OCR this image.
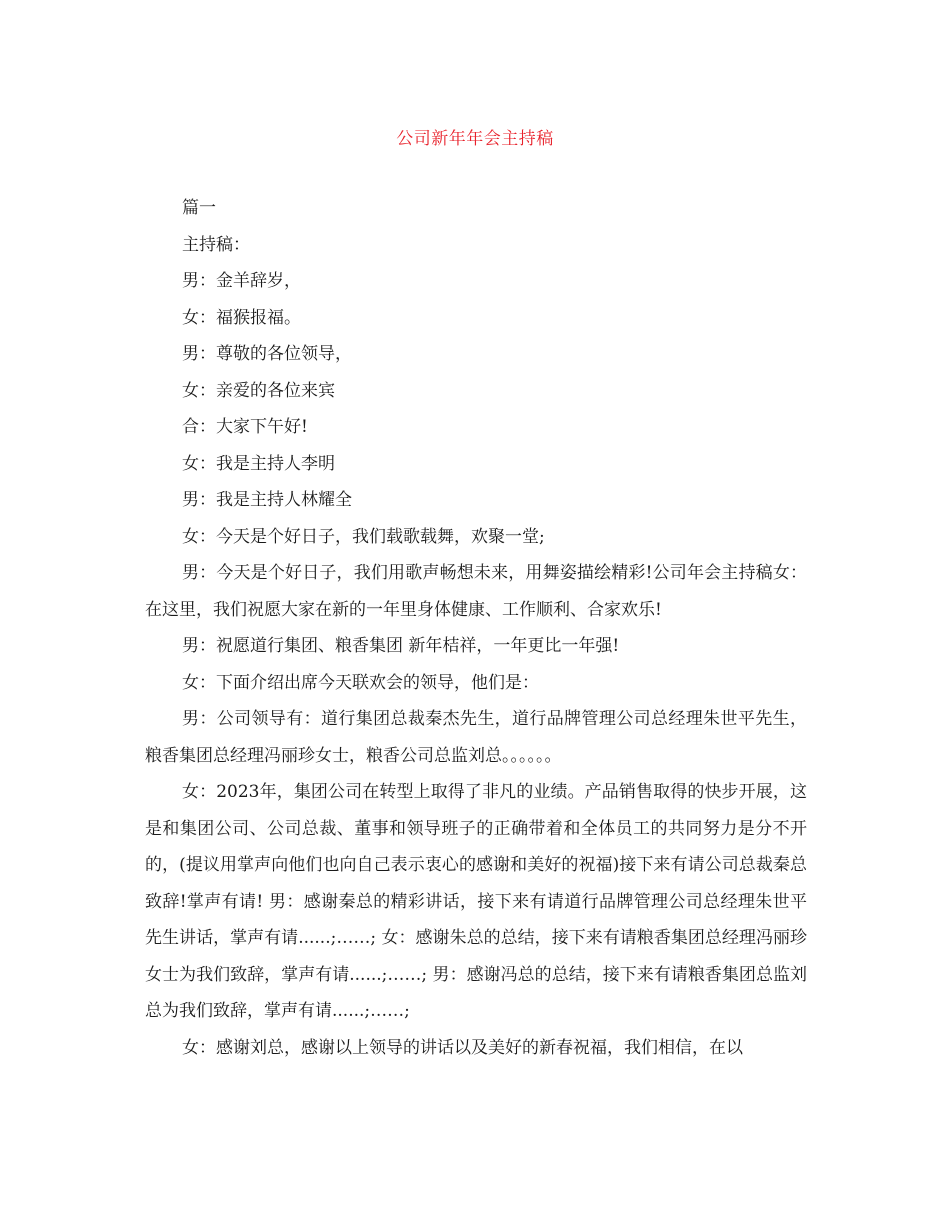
公司新年年会主持稿

篇一

主持稿：

男：金羊辞岁，

女：福猴报福。

男：尊敬的各位领导，

女：亲爱的各位来宾

合：大家下午好!

女：我是主持人李明

男：我是主持人林耀全

女：今天是个好日子，我们载歌载舞，欢聚一堂;

男：今天是个好日子，我们用歌声畅想未来，用舞姿描绘精彩!公司年会主持稿女：在这里，我们祝愿大家在新的一年里身体健康、工作顺利、合家欢乐!

男：祝愿道行集团、粮香集团 新年桔祥，一年更比一年强!

女：下面介绍出席今天联欢会的领导，他们是：

男：公司领导有：道行集团总裁秦杰先生，道行品牌管理公司总经理朱世平先生，粮香集团总经理冯丽珍女士，粮香公司总监刘总。。。。。。

女：2023年，集团公司在转型上取得了非凡的业绩。产品销售取得的快步开展，这是和集团公司、公司总裁、董事和领导班子的正确带着和全体员工的共同努力是分不开的，(提议用掌声向他们也向自己表示衷心的感谢和美好的祝福)接下来有请公司总裁秦总致辞!掌声有请! 男：感谢秦总的精彩讲话，接下来有请道行品牌管理公司总经理朱世平先生讲话，掌声有请......;……; 女：感谢朱总的总结，接下来有请粮香集团总经理冯丽珍女士为我们致辞，掌声有请......;……; 男：感谢冯总的总结，接下来有请粮香集团总监刘总为我们致辞，掌声有请......;……;

女：感谢刘总，感谢以上领导的讲话以及美好的新春祝福，我们相信，在以
